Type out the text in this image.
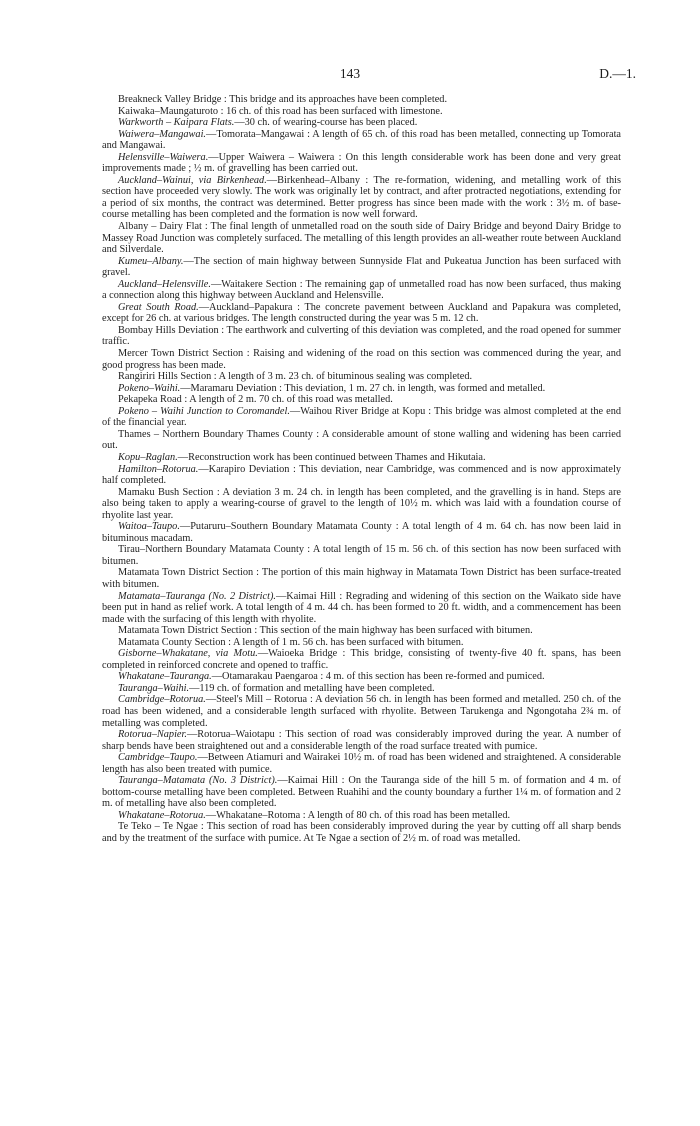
143	D.—1.

Breakneck Valley Bridge : This bridge and its approaches have been completed.

Kaiwaka–Maungaturoto : 16 ch. of this road has been surfaced with limestone.

Warkworth – Kaipara Flats.—30 ch. of wearing-course has been placed.

Waiwera–Mangawai.—Tomorata–Mangawai : A length of 65 ch. of this road has been metalled, connecting up Tomorata and Mangawai.

Helensville–Waiwera.—Upper Waiwera – Waiwera : On this length considerable work has been done and very great improvements made ; ½ m. of gravelling has been carried out.

Auckland–Wainui, via Birkenhead.—Birkenhead–Albany : The re-formation, widening, and metalling work of this section have proceeded very slowly. The work was originally let by contract, and after protracted negotiations, extending for a period of six months, the contract was determined. Better progress has since been made with the work : 3½ m. of base-course metalling has been completed and the formation is now well forward.

Albany – Dairy Flat : The final length of unmetalled road on the south side of Dairy Bridge and beyond Dairy Bridge to Massey Road Junction was completely surfaced. The metalling of this length provides an all-weather route between Auckland and Silverdale.

Kumeu–Albany.—The section of main highway between Sunnyside Flat and Pukeatua Junction has been surfaced with gravel.

Auckland–Helensville.—Waitakere Section : The remaining gap of unmetalled road has now been surfaced, thus making a connection along this highway between Auckland and Helensville.

Great South Road.—Auckland–Papakura : The concrete pavement between Auckland and Papakura was completed, except for 26 ch. at various bridges. The length constructed during the year was 5 m. 12 ch.

Bombay Hills Deviation : The earthwork and culverting of this deviation was completed, and the road opened for summer traffic.

Mercer Town District Section : Raising and widening of the road on this section was commenced during the year, and good progress has been made.

Rangiriri Hills Section : A length of 3 m. 23 ch. of bituminous sealing was completed.

Pokeno–Waihi.—Maramaru Deviation : This deviation, 1 m. 27 ch. in length, was formed and metalled.

Pekapeka Road : A length of 2 m. 70 ch. of this road was metalled.

Pokeno – Waihi Junction to Coromandel.—Waihou River Bridge at Kopu : This bridge was almost completed at the end of the financial year.

Thames – Northern Boundary Thames County : A considerable amount of stone walling and widening has been carried out.

Kopu–Raglan.—Reconstruction work has been continued between Thames and Hikutaia.

Hamilton–Rotorua.—Karapiro Deviation : This deviation, near Cambridge, was commenced and is now approximately half completed.

Mamaku Bush Section : A deviation 3 m. 24 ch. in length has been completed, and the gravelling is in hand. Steps are also being taken to apply a wearing-course of gravel to the length of 10½ m. which was laid with a foundation course of rhyolite last year.

Waitoa–Taupo.—Putaruru–Southern Boundary Matamata County : A total length of 4 m. 64 ch. has now been laid in bituminous macadam.

Tirau–Northern Boundary Matamata County : A total length of 15 m. 56 ch. of this section has now been surfaced with bitumen.

Matamata Town District Section : The portion of this main highway in Matamata Town District has been surface-treated with bitumen.

Matamata–Tauranga (No. 2 District).—Kaimai Hill : Regrading and widening of this section on the Waikato side have been put in hand as relief work. A total length of 4 m. 44 ch. has been formed to 20 ft. width, and a commencement has been made with the surfacing of this length with rhyolite.

Matamata Town District Section : This section of the main highway has been surfaced with bitumen.

Matamata County Section : A length of 1 m. 56 ch. has been surfaced with bitumen.

Gisborne–Whakatane, via Motu.—Waioeka Bridge : This bridge, consisting of twenty-five 40 ft. spans, has been completed in reinforced concrete and opened to traffic.

Whakatane–Tauranga.—Otamarakau Paengaroa : 4 m. of this section has been re-formed and pumiced.

Tauranga–Waihi.—119 ch. of formation and metalling have been completed.

Cambridge–Rotorua.—Steel's Mill – Rotorua : A deviation 56 ch. in length has been formed and metalled. 250 ch. of the road has been widened, and a considerable length surfaced with rhyolite. Between Tarukenga and Ngongotaha 2¾ m. of metalling was completed.

Rotorua–Napier.—Rotorua–Waiotapu : This section of road was considerably improved during the year. A number of sharp bends have been straightened out and a considerable length of the road surface treated with pumice.

Cambridge–Taupo.—Between Atiamuri and Wairakei 10½ m. of road has been widened and straightened. A considerable length has also been treated with pumice.

Tauranga–Matamata (No. 3 District).—Kaimai Hill : On the Tauranga side of the hill 5 m. of formation and 4 m. of bottom-course metalling have been completed. Between Ruahihi and the county boundary a further 1¼ m. of formation and 2 m. of metalling have also been completed.

Whakatane–Rotorua.—Whakatane–Rotoma : A length of 80 ch. of this road has been metalled.

Te Teko – Te Ngae : This section of road has been considerably improved during the year by cutting off all sharp bends and by the treatment of the surface with pumice. At Te Ngae a section of 2½ m. of road was metalled.
